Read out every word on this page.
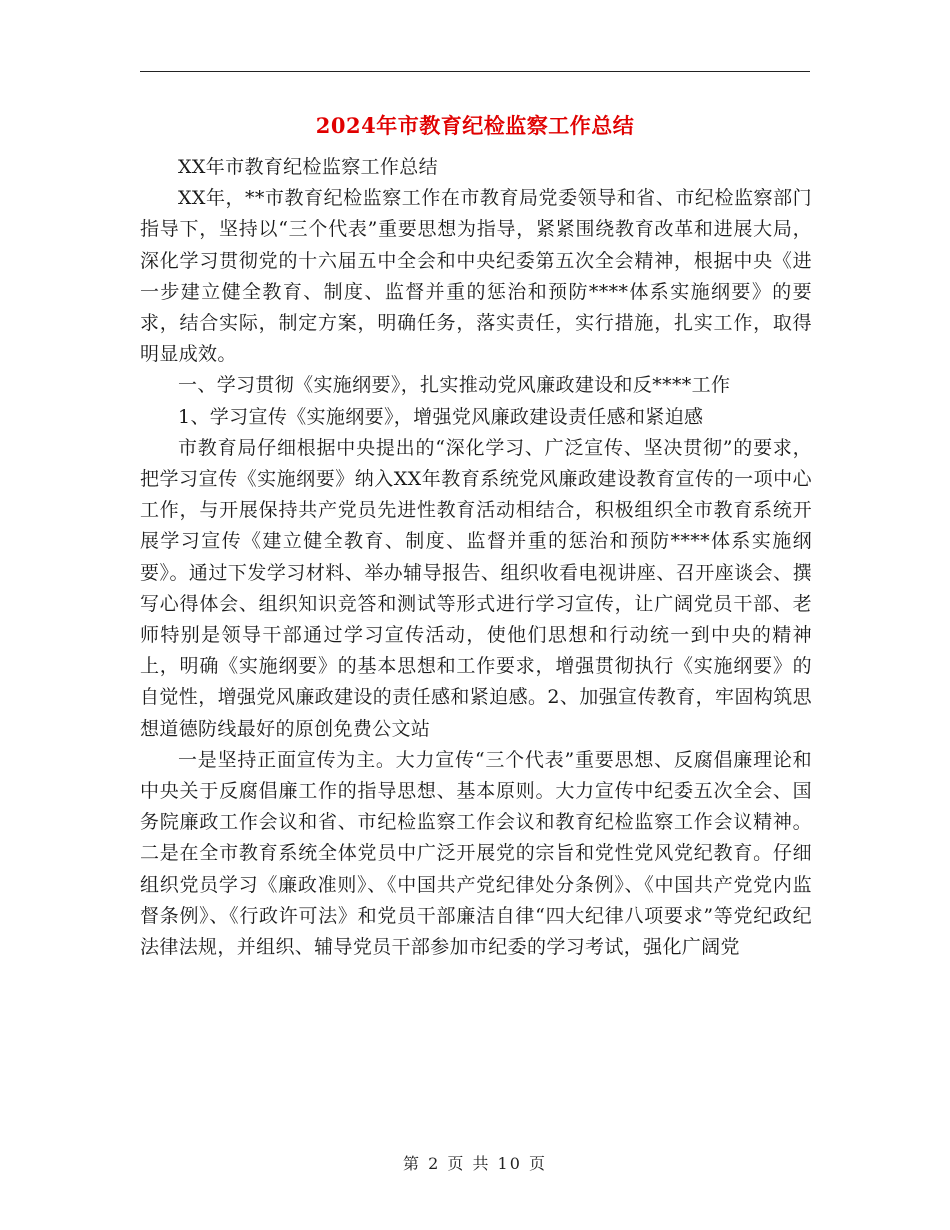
2024年市教育纪检监察工作总结

XX年市教育纪检监察工作总结

XX年，**市教育纪检监察工作在市教育局党委领导和省、市纪检监察部门指导下，坚持以“三个代表”重要思想为指导，紧紧围绕教育改革和进展大局，深化学习贯彻党的十六届五中全会和中央纪委第五次全会精神，根据中央《进一步建立健全教育、制度、监督并重的惩治和预防****体系实施纲要》的要求，结合实际，制定方案，明确任务，落实责任，实行措施，扎实工作，取得明显成效。

一、学习贯彻《实施纲要》，扎实推动党风廉政建设和反****工作

1、学习宣传《实施纲要》，增强党风廉政建设责任感和紧迫感

市教育局仔细根据中央提出的“深化学习、广泛宣传、坚决贯彻”的要求，把学习宣传《实施纲要》纳入XX年教育系统党风廉政建设教育宣传的一项中心工作，与开展保持共产党员先进性教育活动相结合，积极组织全市教育系统开展学习宣传《建立健全教育、制度、监督并重的惩治和预防****体系实施纲要》。通过下发学习材料、举办辅导报告、组织收看电视讲座、召开座谈会、撰写心得体会、组织知识竞答和测试等形式进行学习宣传，让广阔党员干部、老师特别是领导干部通过学习宣传活动，使他们思想和行动统一到中央的精神上，明确《实施纲要》的基本思想和工作要求，增强贯彻执行《实施纲要》的自觉性，增强党风廉政建设的责任感和紧迫感。2、加强宣传教育，牢固构筑思想道德防线最好的原创免费公文站

一是坚持正面宣传为主。大力宣传“三个代表”重要思想、反腐倡廉理论和中央关于反腐倡廉工作的指导思想、基本原则。大力宣传中纪委五次全会、国务院廉政工作会议和省、市纪检监察工作会议和教育纪检监察工作会议精神。二是在全市教育系统全体党员中广泛开展党的宗旨和党性党风党纪教育。仔细组织党员学习《廉政准则》、《中国共产党纪律处分条例》、《中国共产党党内监督条例》、《行政许可法》和党员干部廉洁自律“四大纪律八项要求”等党纪政纪法律法规，并组织、辅导党员干部参加市纪委的学习考试，强化广阔党

第 2 页 共 10 页
